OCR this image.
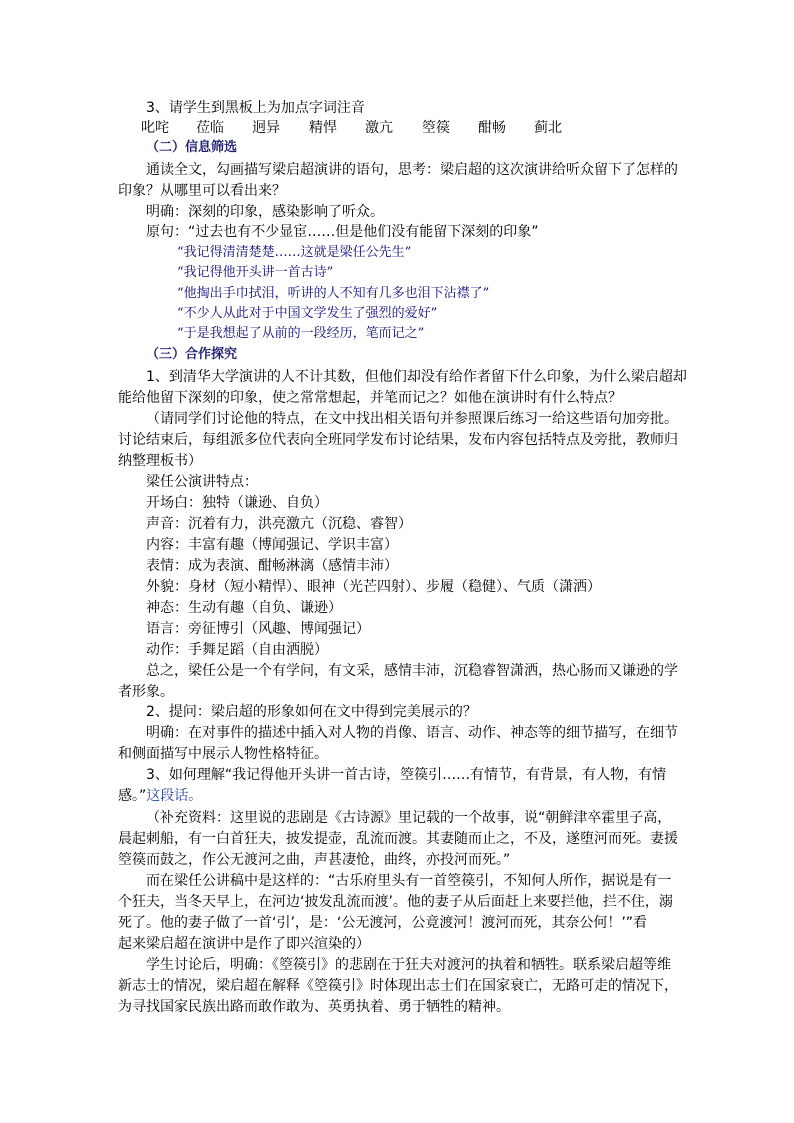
3、请学生到黑板上为加点字词注音
叱咤 莅临 迥异 精悍 激亢 箜篌 酣畅 蓟北
（二）信息筛选
通读全文，勾画描写梁启超演讲的语句，思考：梁启超的这次演讲给听众留下了怎样的
印象？从哪里可以看出来？
明确：深刻的印象，感染影响了听众。
原句：“过去也有不少显宦……但是他们没有能留下深刻的印象”
“我记得清清楚楚……这就是梁任公先生”
“我记得他开头讲一首古诗”
“他掏出手巾拭泪，听讲的人不知有几多也泪下沾襟了”
“不少人从此对于中国文学发生了强烈的爱好”
“于是我想起了从前的一段经历，笔而记之”
（三）合作探究
1、到清华大学演讲的人不计其数，但他们却没有给作者留下什么印象，为什么梁启超却
能给他留下深刻的印象，使之常常想起，并笔而记之？如他在演讲时有什么特点？
（请同学们讨论他的特点，在文中找出相关语句并参照课后练习一给这些语句加旁批。
讨论结束后，每组派多位代表向全班同学发布讨论结果，发布内容包括特点及旁批，教师归
纳整理板书）
梁任公演讲特点：
开场白：独特（谦逊、自负）
声音：沉着有力，洪亮激亢（沉稳、睿智）
内容：丰富有趣（博闻强记、学识丰富）
表情：成为表演、酣畅淋漓（感情丰沛）
外貌：身材（短小精悍）、眼神（光芒四射）、步履（稳健）、气质（潇洒）
神态：生动有趣（自负、谦逊）
语言：旁征博引（风趣、博闻强记）
动作：手舞足蹈（自由洒脱）
总之，梁任公是一个有学问，有文采，感情丰沛，沉稳睿智潇洒，热心肠而又谦逊的学
者形象。
2、提问：梁启超的形象如何在文中得到完美展示的？
明确：在对事件的描述中插入对人物的肖像、语言、动作、神态等的细节描写，在细节
和侧面描写中展示人物性格特征。
3、如何理解“我记得他开头讲一首古诗，箜篌引……有情节，有背景，有人物，有情
感。”这段话。
（补充资料：这里说的悲剧是《古诗源》里记载的一个故事，说“朝鲜津卒霍里子高，
晨起刺船，有一白首狂夫，披发提壶，乱流而渡。其妻随而止之，不及，遂堕河而死。妻援
箜篌而鼓之，作公无渡河之曲，声甚凄怆，曲终，亦投河而死。”
而在梁任公讲稿中是这样的：“古乐府里头有一首箜篌引，不知何人所作，据说是有一
个狂夫，当冬天早上，在河边‘披发乱流而渡’。他的妻子从后面赶上来要拦他，拦不住，溺
死了。他的妻子做了一首‘引’，是：‘公无渡河，公竟渡河！渡河而死，其奈公何！’”看
起来梁启超在演讲中是作了即兴渲染的）
学生讨论后，明确：《箜篌引》的悲剧在于狂夫对渡河的执着和牺牲。联系梁启超等维
新志士的情况，梁启超在解释《箜篌引》时体现出志士们在国家衰亡，无路可走的情况下，
为寻找国家民族出路而敢作敢为、英勇执着、勇于牺牲的精神。
